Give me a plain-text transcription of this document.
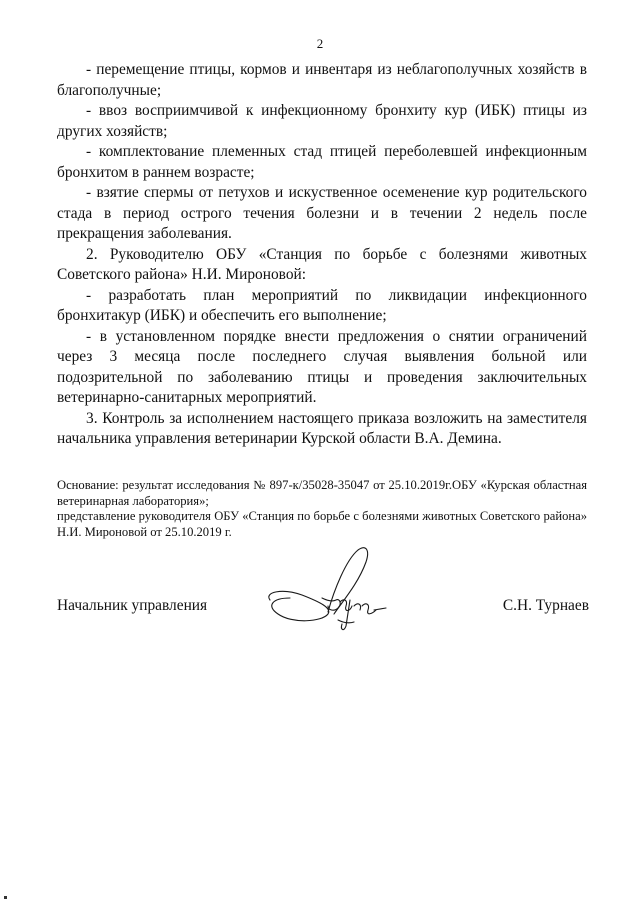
2

- перемещение птицы, кормов и инвентаря из неблагополучных хозяйств в благополучные;

- ввоз восприимчивой к инфекционному бронхиту кур (ИБК) птицы из других хозяйств;

- комплектование племенных стад птицей переболевшей инфекционным бронхитом в раннем возрасте;

- взятие спермы от петухов и искуственное осеменение кур родительского стада в период острого течения болезни и в течении 2 недель после прекращения заболевания.

2. Руководителю ОБУ «Станция по борьбе с болезнями животных Советского района» Н.И. Мироновой:

- разработать план мероприятий по ликвидации инфекционного бронхитакур (ИБК) и обеспечить его выполнение;

- в установленном порядке внести предложения о снятии ограничений через 3 месяца после последнего случая выявления больной или подозрительной по заболеванию птицы и проведения заключительных ветеринарно-санитарных мероприятий.

3. Контроль за исполнением настоящего приказа возложить на заместителя начальника управления ветеринарии Курской области В.А. Демина.

Основание: результат исследования № 897-к/35028-35047 от 25.10.2019г.ОБУ «Курская областная ветеринарная лаборатория»;

представление руководителя ОБУ «Станция по борьбе с болезнями животных Советского района» Н.И. Мироновой от 25.10.2019 г.

Начальник управления	С.Н. Турнаев
